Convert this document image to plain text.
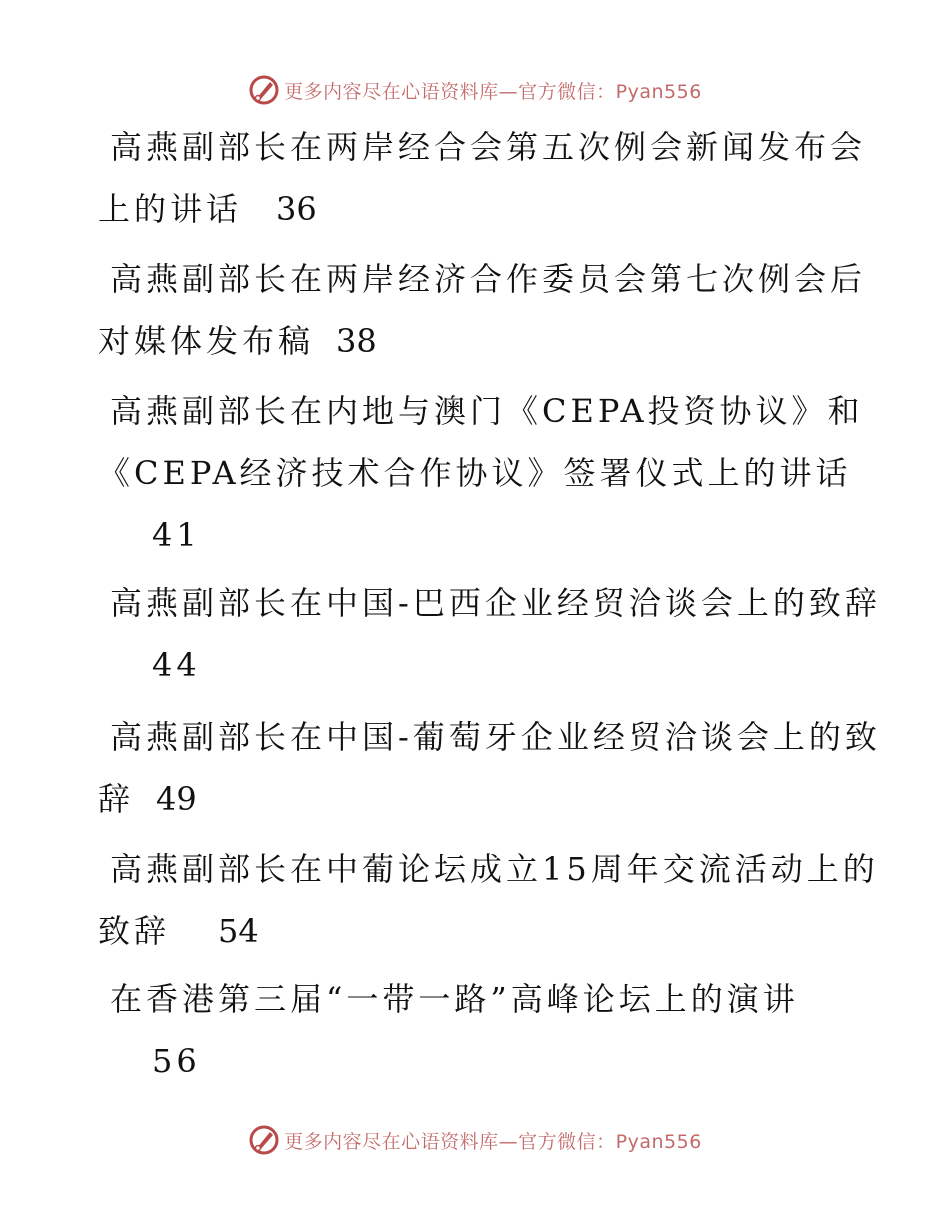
更多内容尽在心语资料库—官方微信：Pyan556
高燕副部长在两岸经合会第五次例会新闻发布会
上的讲话 36
高燕副部长在两岸经济合作委员会第七次例会后
对媒体发布稿 38
高燕副部长在内地与澳门《CEPA投资协议》和
《CEPA经济技术合作协议》签署仪式上的讲话
41
高燕副部长在中国-巴西企业经贸洽谈会上的致辞
44
高燕副部长在中国-葡萄牙企业经贸洽谈会上的致
辞 49
高燕副部长在中葡论坛成立15周年交流活动上的
致辞 54
在香港第三届“一带一路”高峰论坛上的演讲
56
更多内容尽在心语资料库—官方微信：Pyan556
